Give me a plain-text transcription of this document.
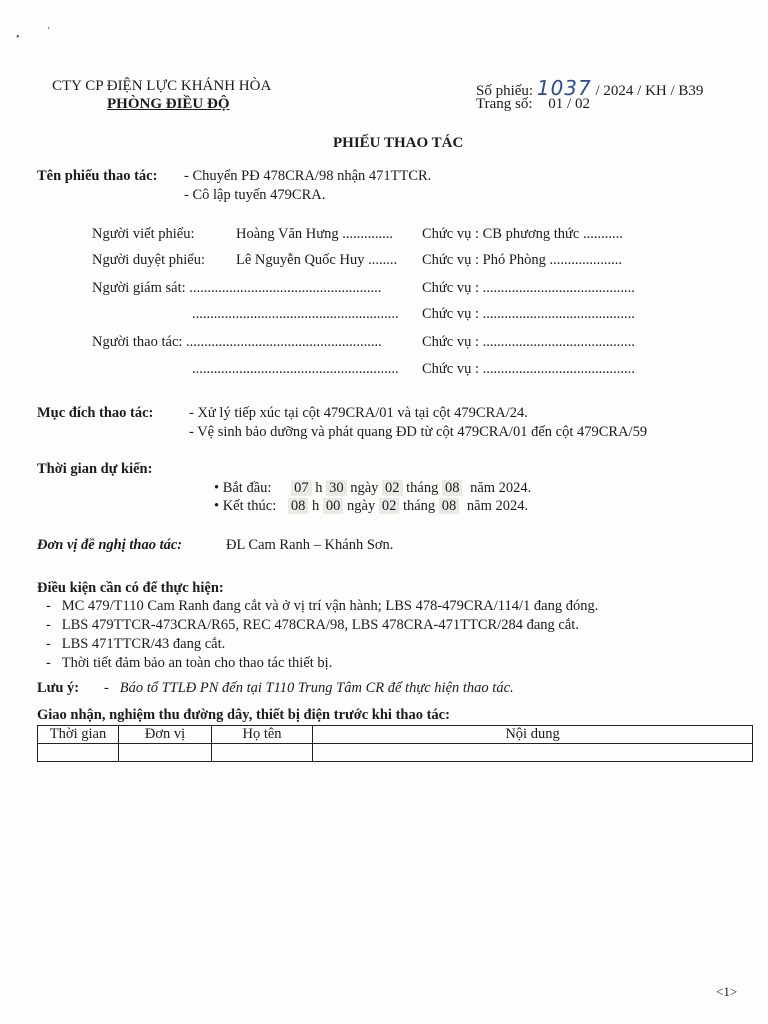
•
ʼ
CTY CP ĐIỆN LỰC KHÁNH HÒA
PHÒNG ĐIỀU ĐỘ
Số phiếu: 1037 / 2024 / KH / B39
Trang số: 01 / 02
PHIẾU THAO TÁC
Tên phiếu thao tác: - Chuyển PĐ 478CRA/98 nhận 471TTCR.
- Cô lập tuyến 479CRA.
Người viết phiếu:	Hoàng Văn Hưng .............. Chức vụ : CB phương thức ...........
Người duyệt phiếu: Lê Nguyễn Quốc Huy ........ Chức vụ : Phó Phòng ....................
Người giám sát: .....................................................	Chức vụ : ..........................................
......................................................... Chức vụ : ..........................................
Người thao tác: ......................................................	Chức vụ : ..........................................
......................................................... Chức vụ : ..........................................
Mục đích thao tác: - Xử lý tiếp xúc tại cột 479CRA/01 và tại cột 479CRA/24.
- Vệ sinh bảo dưỡng và phát quang ĐD từ cột 479CRA/01 đến cột 479CRA/59
Thời gian dự kiến:
• Bắt đầu: 07 h 30 ngày 02 tháng 08 năm 2024.
• Kết thúc: 08 h 00 ngày 02 tháng 08 năm 2024.
Đơn vị đề nghị thao tác:	ĐL Cam Ranh – Khánh Sơn.
Điều kiện cần có để thực hiện:
-   MC 479/T110 Cam Ranh đang cắt và ở vị trí vận hành; LBS 478-479CRA/114/1 đang đóng.
-   LBS 479TTCR-473CRA/R65, REC 478CRA/98, LBS 478CRA-471TTCR/284 đang cắt.
-   LBS 471TTCR/43 đang cắt.
-   Thời tiết đảm bảo an toàn cho thao tác thiết bị.
Lưu ý: -   Báo tổ TTLĐ PN đến tại T110 Trung Tâm CR để thực hiện thao tác.
Giao nhận, nghiệm thu đường dây, thiết bị điện trước khi thao tác:
Thời gian	Đơn vị	Họ tên	Nội dung

<1>
